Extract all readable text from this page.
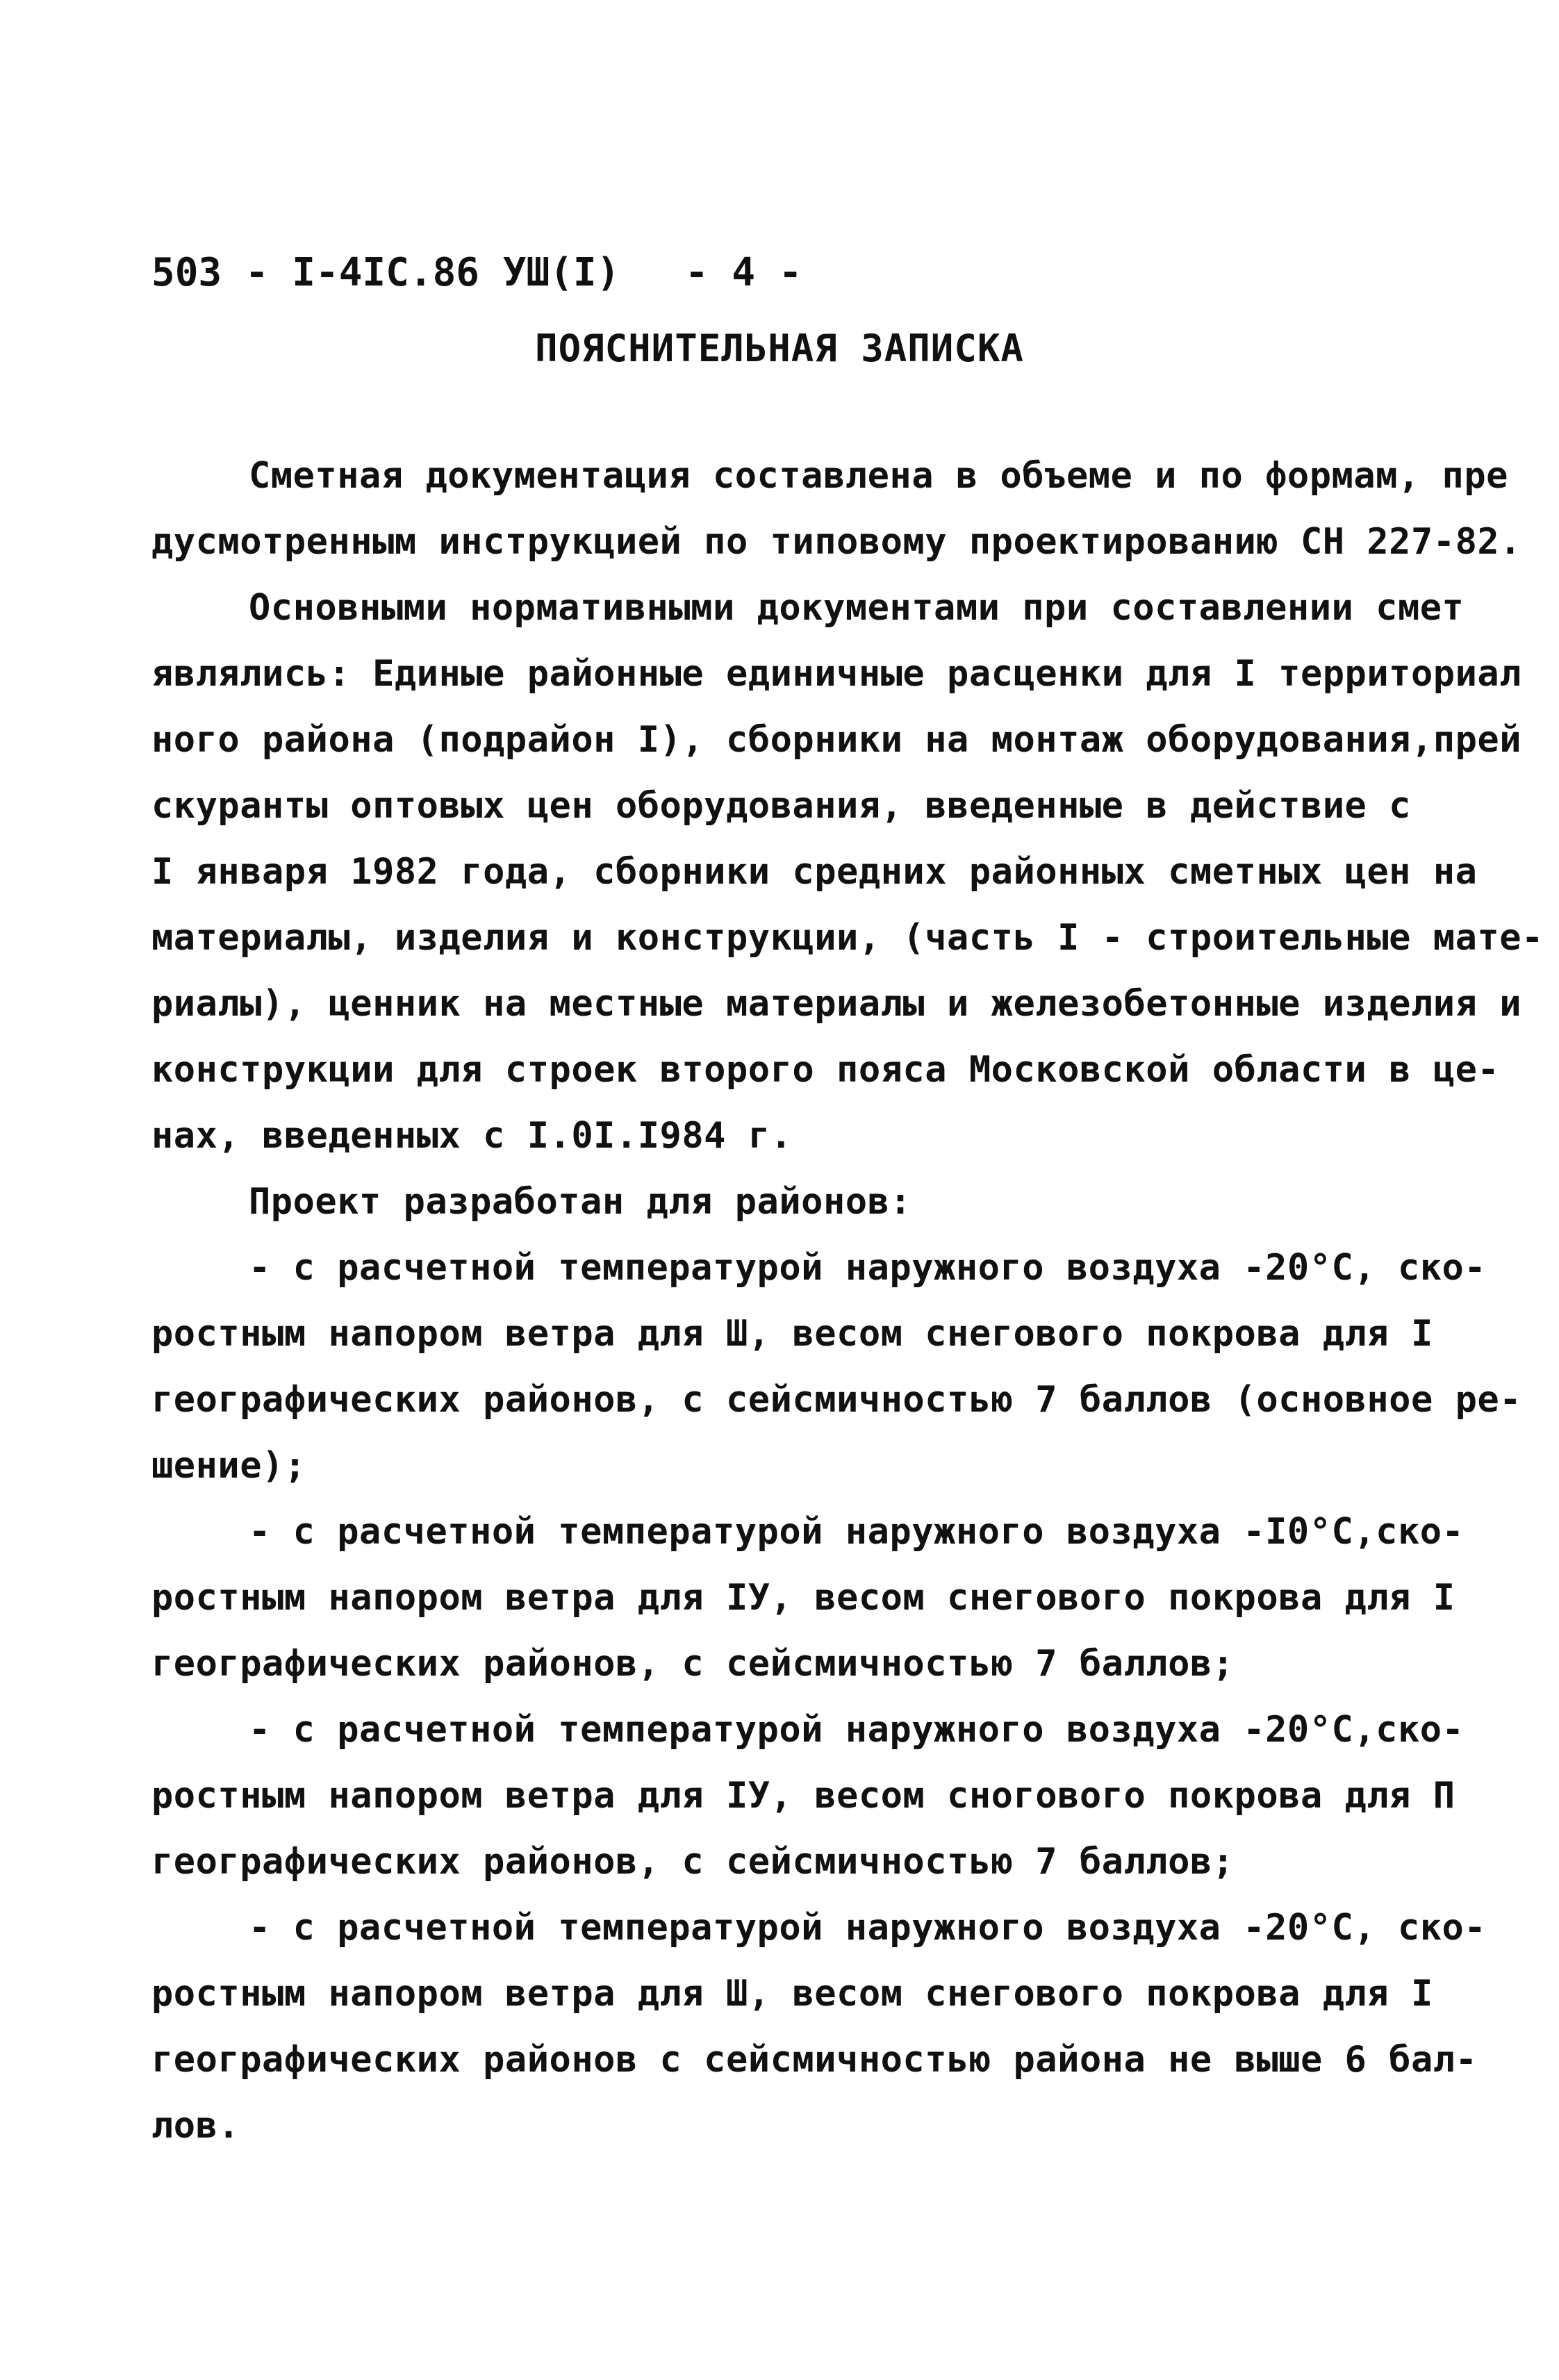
503 - I-4IC.86 УШ(I) - 4 -
ПОЯСНИТЕЛЬНАЯ ЗАПИСКА
Сметная документация составлена в объеме и по формам, пре
дусмотренным инструкцией по типовому проектированию СН 227-82.
Основными нормативными документами при составлении смет
являлись: Единые районные единичные расценки для I территориал
ного района (подрайон I), сборники на монтаж оборудования,прей
скуранты оптовых цен оборудования, введенные в действие с
I января 1982 года, сборники средних районных сметных цен на
материалы, изделия и конструкции, (часть I - строительные мате-
риалы), ценник на местные материалы и железобетонные изделия и
конструкции для строек второго пояса Московской области в це-
нах, введенных с I.0I.I984 г.
Проект разработан для районов:
- с расчетной температурой наружного воздуха -20°С, ско-
ростным напором ветра для Ш, весом снегового покрова для I
географических районов, с сейсмичностью 7 баллов (основное ре-
шение);
- с расчетной температурой наружного воздуха -I0°С,ско-
ростным напором ветра для IУ, весом снегового покрова для I
географических районов, с сейсмичностью 7 баллов;
- с расчетной температурой наружного воздуха -20°С,ско-
ростным напором ветра для IУ, весом сногового покрова для П
географических районов, с сейсмичностью 7 баллов;
- с расчетной температурой наружного воздуха -20°С, ско-
ростным напором ветра для Ш, весом снегового покрова для I
географических районов с сейсмичностью района не выше 6 бал-
лов.
